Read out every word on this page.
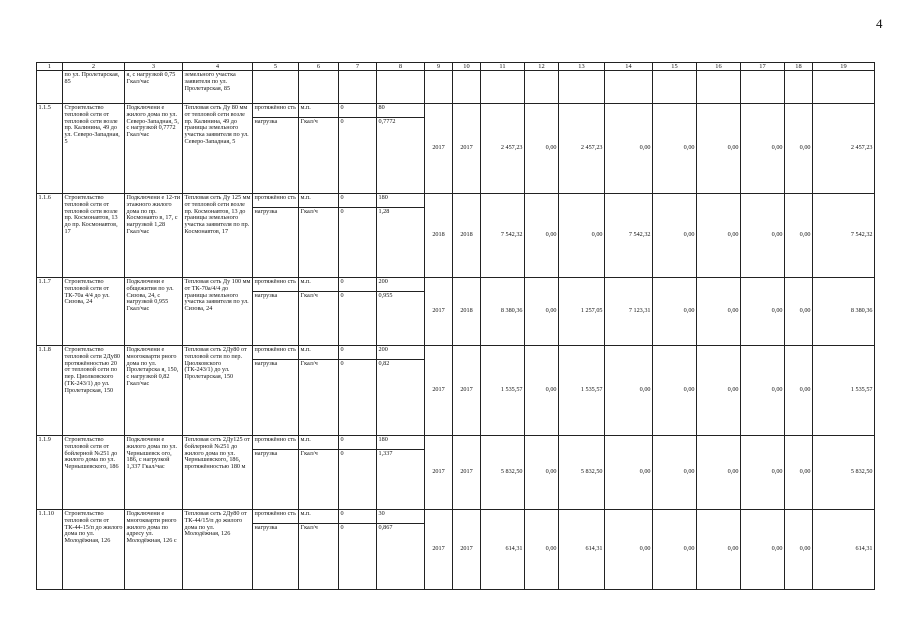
4
1	2	3	4	5	6	7	8	9	10	11	12	13	14	15	16	17	18	19
	по ул. Пролетарская, 85	я, с нагрузкой 0,75 Гкал/час	земельного участка заявителя по ул. Пролетарская, 85															
1.1.5	Строительство тепловой сети от тепловой сети возле пр. Калинина, 49 до ул. Северо-Западная, 5	Подключени е жилого дома по ул. Северо-Западная, 5, с нагрузкой 0,7772 Гкал/час	Тепловая сеть Ду 80 мм от тепловой сети возле пр. Калинина, 49 до границы земельного участка заявителя по ул. Северо-Западная, 5	протяжённо сть	м.п.	0	80	2017	2017	2 457,23	0,00	2 457,23	0,00	0,00	0,00	0,00	0,00	2 457,23
				нагрузка	Гкал/ч	0	0,7772											
1.1.6	Строительство тепловой сети от тепловой сети возле пр. Космонавтов, 13 до пр. Космонавтов, 17	Подключени е 12-ти этажного жилого дома по пр. Космонавто в, 17, с нагрузкой 1,28 Гкал/час	Тепловая сеть Ду 125 мм от тепловой сети возле пр. Космонавтов, 13 до границы земельного участка заявителя по пр. Космонавтов, 17	протяжённо сть	м.п.	0	180	2018	2018	7 542,32	0,00	0,00	7 542,32	0,00	0,00	0,00	0,00	7 542,32
				нагрузка	Гкал/ч	0	1,28											
1.1.7	Строительство тепловой сети от ТК-70а 4/4 до ул. Сизова, 24	Подключени е общежития по ул. Сизова, 24, с нагрузкой 0,955 Гкал/час	Тепловая сеть Ду 100 мм от ТК-70а/4/4 до границы земельного участка заявителя по ул. Сизова, 24	протяжённо сть	м.п.	0	200	2017	2018	8 380,36	0,00	1 257,05	7 123,31	0,00	0,00	0,00	0,00	8 380,36
				нагрузка	Гкал/ч	0	0,955											
1.1.8	Строительство тепловой сети 2Ду80 протяжённостью 20 от тепловой сети по пер. Циолковского (ТК-243/1) до ул. Пролетарская, 150	Подключени е многокварти рного дома по ул. Пролетарска я, 150, с нагрузкой 0,82 Гкал/час	Тепловая сеть 2Ду80 от тепловой сети по пер. Циолковского (ТК-243/1) до ул. Пролетарская, 150	протяжённо сть	м.п.	0	200	2017	2017	1 535,57	0,00	1 535,57	0,00	0,00	0,00	0,00	0,00	1 535,57
				нагрузка	Гкал/ч	0	0,82											
1.1.9	Строительство тепловой сети от бойлерной №251 до жилого дома по ул. Чернышевского, 186	Подключени е жилого дома по ул. Чернышевск ого, 186, с нагрузкой 1,337 Гкал/час	Тепловая сеть 2Ду125 от бойлерной №251 до жилого дома по ул. Чернышевского, 186, протяжённостью 180 м	протяжённо сть	м.п.	0	180	2017	2017	5 832,50	0,00	5 832,50	0,00	0,00	0,00	0,00	0,00	5 832,50
				нагрузка	Гкал/ч	0	1,337											
1.1.10	Строительство тепловой сети от ТК-44-15/п до жилого дома по ул. Молодёжная, 126	Подключени е многокварти рного жилого дома по адресу ул. Молодёжная, 126 с	Тепловая сеть 2Ду80 от ТК-44/15/п до жилого дома по ул. Молодёжная, 126	протяжённо сть	м.п.	0	30	2017	2017	614,31	0,00	614,31	0,00	0,00	0,00	0,00	0,00	614,31
				нагрузка	Гкал/ч	0	0,867											
